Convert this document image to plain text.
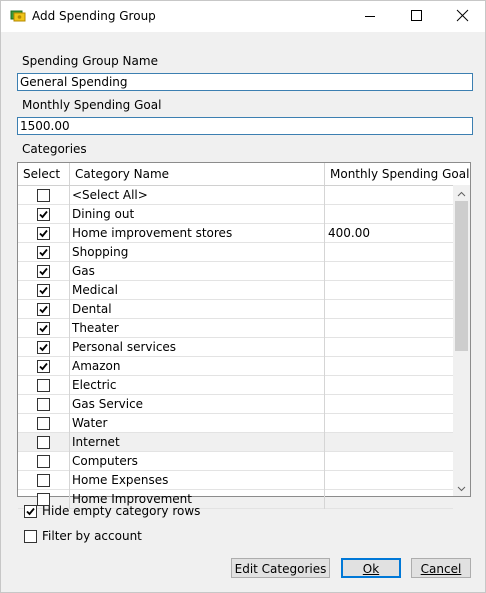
Add Spending Group
Spending Group Name
General Spending
Monthly Spending Goal
1500.00
Categories
Select	Category Name	Monthly Spending Goal
<Select All>
Dining out
Home improvement stores	400.00
Shopping
Gas
Medical
Dental
Theater
Personal services
Amazon
Electric
Gas Service
Water
Internet
Computers
Home Expenses
Home Improvement
Hide empty category rows
Filter by account
Edit Categories	Ok	Cancel
